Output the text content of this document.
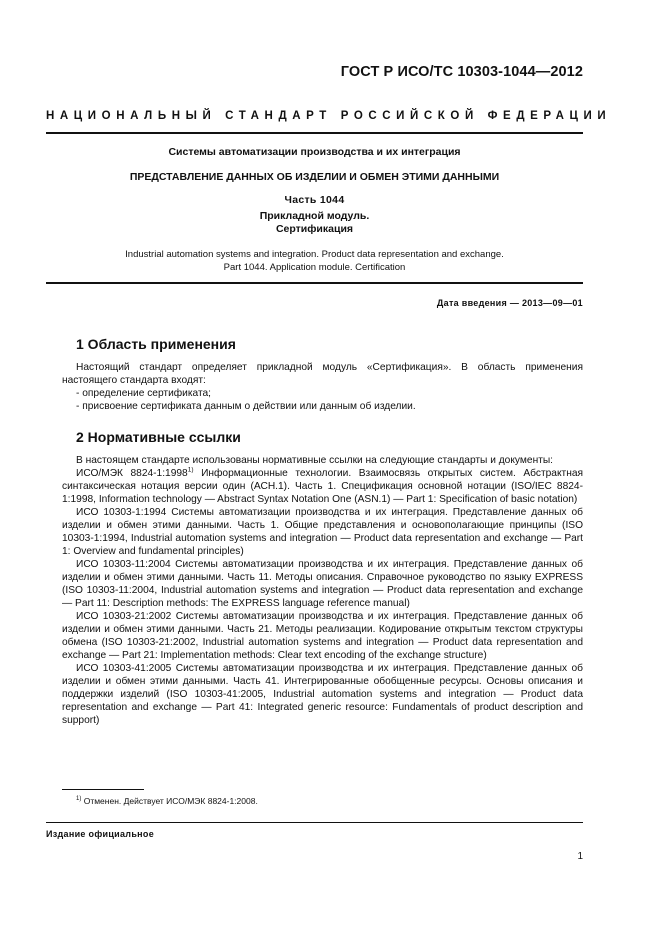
ГОСТ Р ИСО/ТС 10303-1044—2012
НАЦИОНАЛЬНЫЙ СТАНДАРТ РОССИЙСКОЙ ФЕДЕРАЦИИ
Системы автоматизации производства и их интеграция
ПРЕДСТАВЛЕНИЕ ДАННЫХ ОБ ИЗДЕЛИИ И ОБМЕН ЭТИМИ ДАННЫМИ
Часть 1044
Прикладной модуль.
Сертификация
Industrial automation systems and integration. Product data representation and exchange.
Part 1044. Application module. Certification
Дата введения — 2013—09—01
1 Область применения

Настоящий стандарт определяет прикладной модуль «Сертификация». В область применения настоящего стандарта входят:

- определение сертификата;

- присвоение сертификата данным о действии или данным об изделии.

2 Нормативные ссылки

В настоящем стандарте использованы нормативные ссылки на следующие стандарты и документы:

ИСО/МЭК 8824-1:1998$^{1)}$ Информационные технологии. Взаимосвязь открытых систем. Абстрактная синтаксическая нотация версии один (АСН.1). Часть 1. Спецификация основной нотации (ISO/IEC 8824-1:1998, Information technology — Abstract Syntax Notation One (ASN.1) — Part 1: Specification of basic notation)

ИСО 10303-1:1994 Системы автоматизации производства и их интеграция. Представление данных об изделии и обмен этими данными. Часть 1. Общие представления и основополагающие принципы (ISO 10303-1:1994, Industrial automation systems and integration — Product data representation and exchange — Part 1: Overview and fundamental principles)

ИСО 10303-11:2004 Системы автоматизации производства и их интеграция. Представление данных об изделии и обмен этими данными. Часть 11. Методы описания. Справочное руководство по языку EXPRESS (ISO 10303-11:2004, Industrial automation systems and integration — Product data representation and exchange — Part 11: Description methods: The EXPRESS language reference manual)

ИСО 10303-21:2002 Системы автоматизации производства и их интеграция. Представление данных об изделии и обмен этими данными. Часть 21. Методы реализации. Кодирование открытым текстом структуры обмена (ISO 10303-21:2002, Industrial automation systems and integration — Product data representation and exchange — Part 21: Implementation methods: Clear text encoding of the exchange structure)

ИСО 10303-41:2005 Системы автоматизации производства и их интеграция. Представление данных об изделии и обмен этими данными. Часть 41. Интегрированные обобщенные ресурсы. Основы описания и поддержки изделий (ISO 10303-41:2005, Industrial automation systems and integration — Product data representation and exchange — Part 41: Integrated generic resource: Fundamentals of product description and support)

$^{1)}$ Отменен. Действует ИСО/МЭК 8824-1:2008.
Издание официальное
1
